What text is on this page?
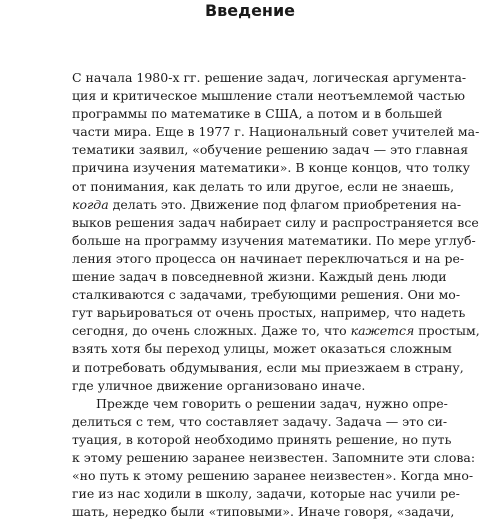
Введение
С начала 1980-х гг. решение задач, логическая аргумента-
ция и критическое мышление стали неотъемлемой частью
программы по математике в США, а потом и в большей
части мира. Еще в 1977 г. Национальный совет учителей ма-
тематики заявил, «обучение решению задач — это главная
причина изучения математики». В конце концов, что толку
от понимания, как делать то или другое, если не знаешь,
когда делать это. Движение под флагом приобретения на-
выков решения задач набирает силу и распространяется все
больше на программу изучения математики. По мере углуб-
ления этого процесса он начинает переключаться и на ре-
шение задач в повседневной жизни. Каждый день люди
сталкиваются с задачами, требующими решения. Они мо-
гут варьироваться от очень простых, например, что надеть
сегодня, до очень сложных. Даже то, что кажется простым,
взять хотя бы переход улицы, может оказаться сложным
и потребовать обдумывания, если мы приезжаем в страну,
где уличное движение организовано иначе.
Прежде чем говорить о решении задач, нужно опре-
делиться с тем, что составляет задачу. Задача — это си-
туация, в которой необходимо принять решение, но путь
к этому решению заранее неизвестен. Запомните эти слова:
«но путь к этому решению заранее неизвестен». Когда мно-
гие из нас ходили в школу, задачи, которые нас учили ре-
шать, нередко были «типовыми». Иначе говоря, «задачи,
